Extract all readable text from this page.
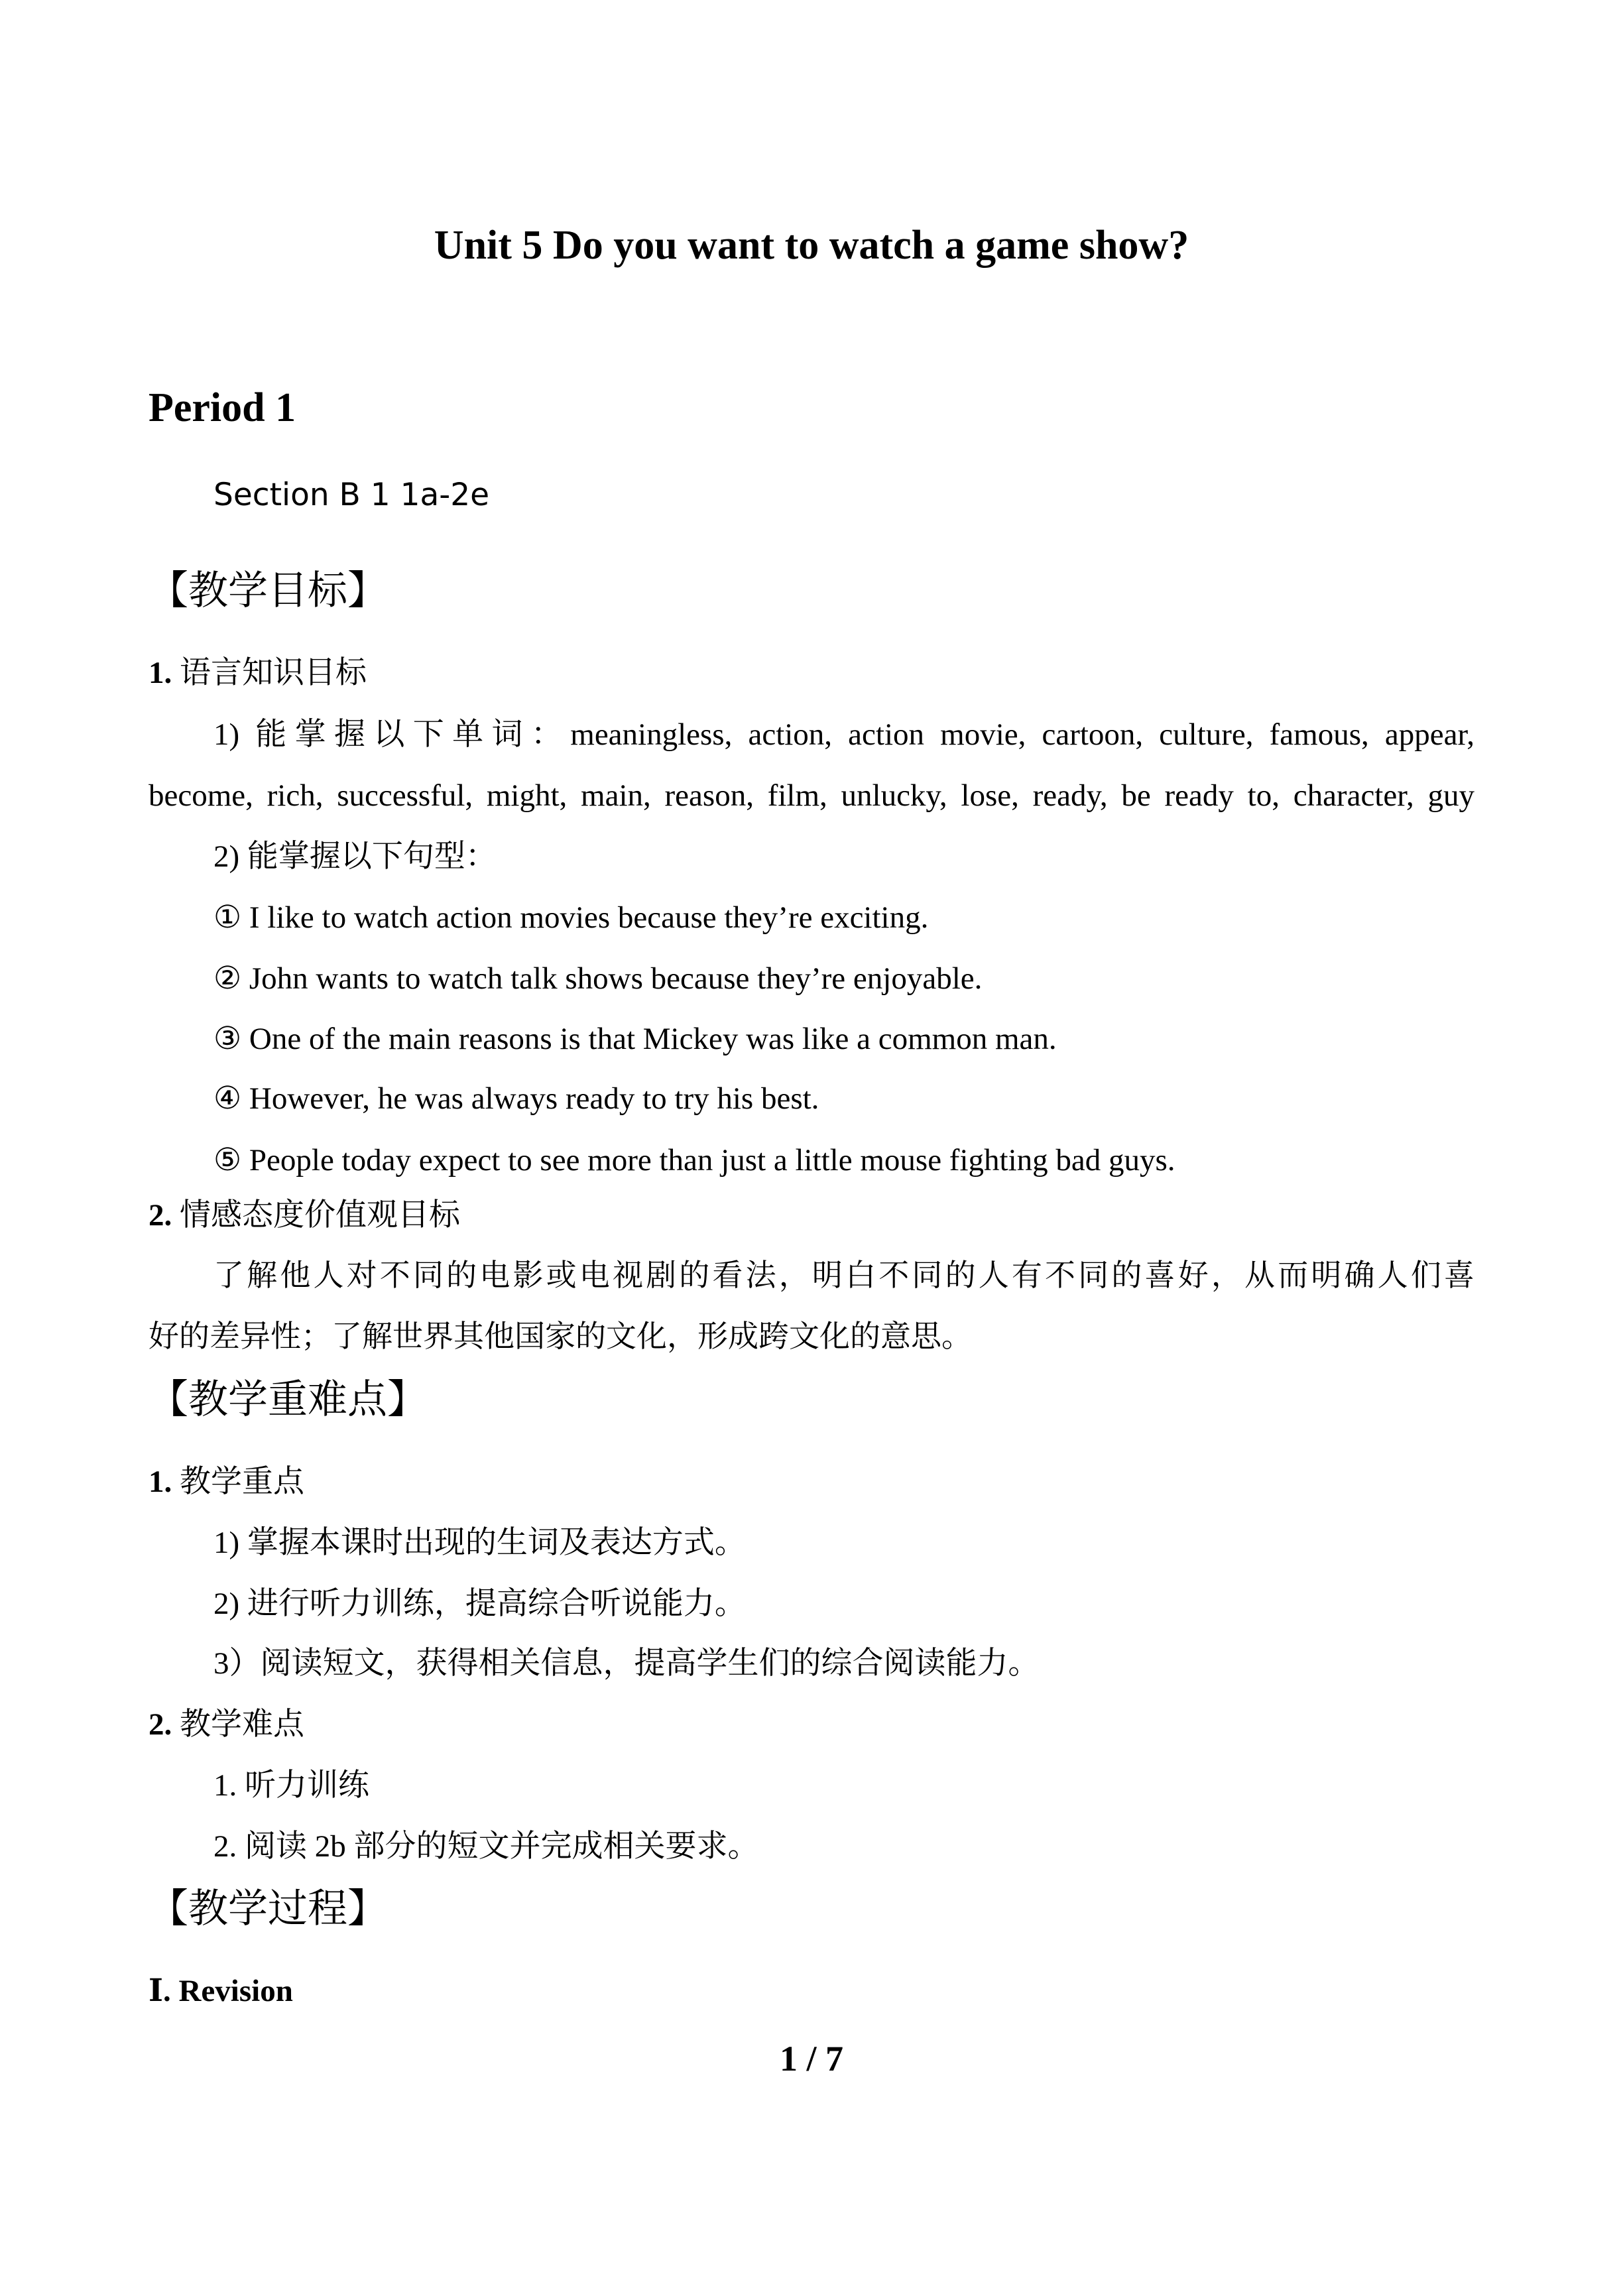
Unit 5 Do you want to watch a game show?
Period 1
Section B 1 1a-2e
【教学目标】
1. 语言知识目标
1) 能掌握以下单词：meaningless, action, action movie, cartoon, culture, famous, appear,
become, rich, successful, might, main, reason, film, unlucky, lose, ready, be ready to, character, guy
2) 能掌握以下句型：
① I like to watch action movies because they’re exciting.
② John wants to watch talk shows because they’re enjoyable.
③ One of the main reasons is that Mickey was like a common man.
④ However, he was always ready to try his best.
⑤ People today expect to see more than just a little mouse fighting bad guys.
2. 情感态度价值观目标
了解他人对不同的电影或电视剧的看法，明白不同的人有不同的喜好，从而明确人们喜
好的差异性；了解世界其他国家的文化，形成跨文化的意思。
【教学重难点】
1. 教学重点
1) 掌握本课时出现的生词及表达方式。
2) 进行听力训练，提高综合听说能力。
3）阅读短文，获得相关信息，提高学生们的综合阅读能力。
2. 教学难点
1. 听力训练
2. 阅读 2b 部分的短文并完成相关要求。
【教学过程】
Ⅰ. Revision
1 / 7
